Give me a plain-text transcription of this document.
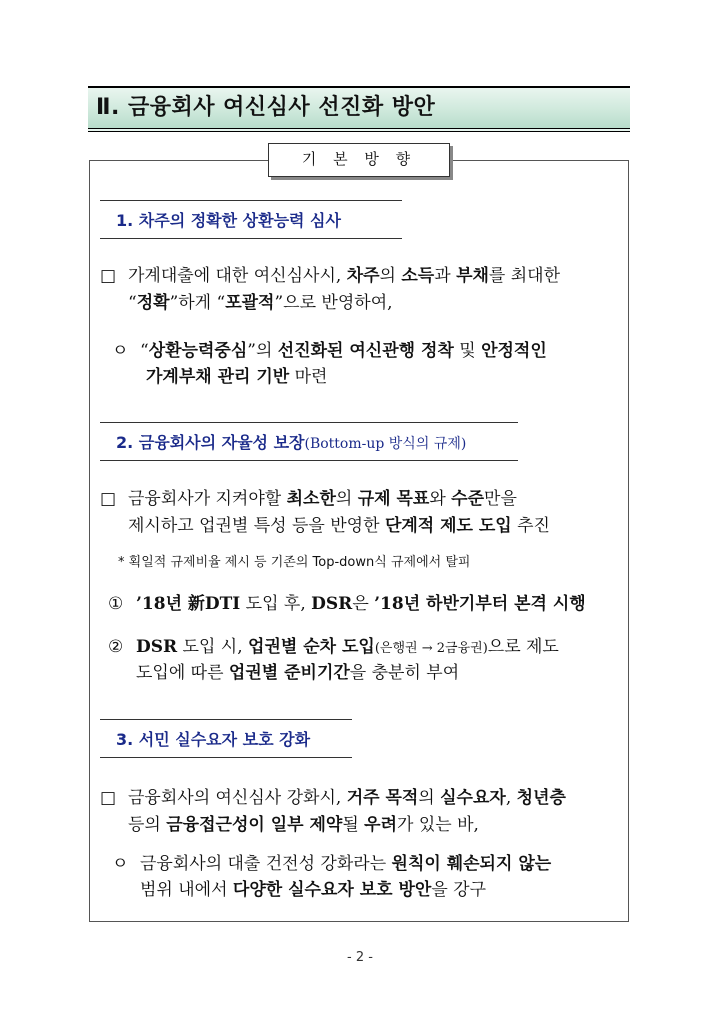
Ⅱ. 금융회사 여신심사 선진화 방안
기 본 방 향
1. 차주의 정확한 상환능력 심사
□ 가계대출에 대한 여신심사시, 차주의 소득과 부채를 최대한
“정확”하게 “포괄적”으로 반영하여,
ㅇ “상환능력중심”의 선진화된 여신관행 정착 및 안정적인
가계부채 관리 기반 마련
2. 금융회사의 자율성 보장(Bottom-up 방식의 규제)
□ 금융회사가 지켜야할 최소한의 규제 목표와 수준만을
제시하고 업권별 특성 등을 반영한 단계적 제도 도입 추진
* 획일적 규제비율 제시 등 기존의 Top-down식 규제에서 탈피
① ’18년 新DTI 도입 후, DSR은 ’18년 하반기부터 본격 시행
② DSR 도입 시, 업권별 순차 도입(은행권 → 2금융권)으로 제도
도입에 따른 업권별 준비기간을 충분히 부여
3. 서민 실수요자 보호 강화
□ 금융회사의 여신심사 강화시, 거주 목적의 실수요자, 청년층
등의 금융접근성이 일부 제약될 우려가 있는 바,
ㅇ 금융회사의 대출 건전성 강화라는 원칙이 훼손되지 않는
범위 내에서 다양한 실수요자 보호 방안을 강구
- 2 -
